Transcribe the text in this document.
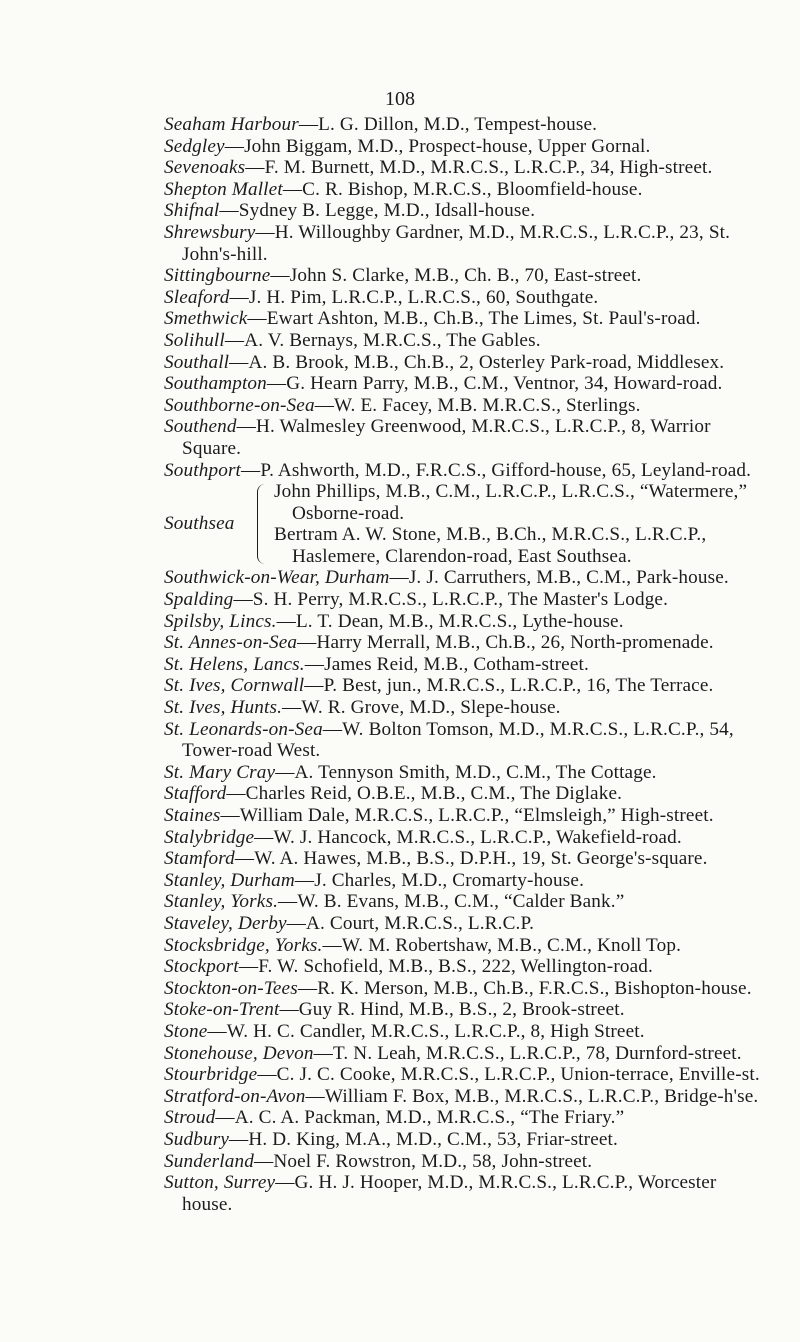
108
Seaham Harbour—L. G. Dillon, M.D., Tempest-house.
Sedgley—John Biggam, M.D., Prospect-house, Upper Gornal.
Sevenoaks—F. M. Burnett, M.D., M.R.C.S., L.R.C.P., 34, High-street.
Shepton Mallet—C. R. Bishop, M.R.C.S., Bloomfield-house.
Shifnal—Sydney B. Legge, M.D., Idsall-house.
Shrewsbury—H. Willoughby Gardner, M.D., M.R.C.S., L.R.C.P., 23, St. John's-hill.
Sittingbourne—John S. Clarke, M.B., Ch. B., 70, East-street.
Sleaford—J. H. Pim, L.R.C.P., L.R.C.S., 60, Southgate.
Smethwick—Ewart Ashton, M.B., Ch.B., The Limes, St. Paul's-road.
Solihull—A. V. Bernays, M.R.C.S., The Gables.
Southall—A. B. Brook, M.B., Ch.B., 2, Osterley Park-road, Middlesex.
Southampton—G. Hearn Parry, M.B., C.M., Ventnor, 34, Howard-road.
Southborne-on-Sea—W. E. Facey, M.B. M.R.C.S., Sterlings.
Southend—H. Walmesley Greenwood, M.R.C.S., L.R.C.P., 8, Warrior Square.
Southport—P. Ashworth, M.D., F.R.C.S., Gifford-house, 65, Leyland-road.
Southsea
John Phillips, M.B., C.M., L.R.C.P., L.R.C.S., “Watermere,” Osborne-road.
Bertram A. W. Stone, M.B., B.Ch., M.R.C.S., L.R.C.P., Haslemere, Clarendon-road, East Southsea.
Southwick-on-Wear, Durham—J. J. Carruthers, M.B., C.M., Park-house.
Spalding—S. H. Perry, M.R.C.S., L.R.C.P., The Master's Lodge.
Spilsby, Lincs.—L. T. Dean, M.B., M.R.C.S., Lythe-house.
St. Annes-on-Sea—Harry Merrall, M.B., Ch.B., 26, North-promenade.
St. Helens, Lancs.—James Reid, M.B., Cotham-street.
St. Ives, Cornwall—P. Best, jun., M.R.C.S., L.R.C.P., 16, The Terrace.
St. Ives, Hunts.—W. R. Grove, M.D., Slepe-house.
St. Leonards-on-Sea—W. Bolton Tomson, M.D., M.R.C.S., L.R.C.P., 54, Tower-road West.
St. Mary Cray—A. Tennyson Smith, M.D., C.M., The Cottage.
Stafford—Charles Reid, O.B.E., M.B., C.M., The Diglake.
Staines—William Dale, M.R.C.S., L.R.C.P., “Elmsleigh,” High-street.
Stalybridge—W. J. Hancock, M.R.C.S., L.R.C.P., Wakefield-road.
Stamford—W. A. Hawes, M.B., B.S., D.P.H., 19, St. George's-square.
Stanley, Durham—J. Charles, M.D., Cromarty-house.
Stanley, Yorks.—W. B. Evans, M.B., C.M., “Calder Bank.”
Staveley, Derby—A. Court, M.R.C.S., L.R.C.P.
Stocksbridge, Yorks.—W. M. Robertshaw, M.B., C.M., Knoll Top.
Stockport—F. W. Schofield, M.B., B.S., 222, Wellington-road.
Stockton-on-Tees—R. K. Merson, M.B., Ch.B., F.R.C.S., Bishopton-house.
Stoke-on-Trent—Guy R. Hind, M.B., B.S., 2, Brook-street.
Stone—W. H. C. Candler, M.R.C.S., L.R.C.P., 8, High Street.
Stonehouse, Devon—T. N. Leah, M.R.C.S., L.R.C.P., 78, Durnford-street.
Stourbridge—C. J. C. Cooke, M.R.C.S., L.R.C.P., Union-terrace, Enville-st.
Stratford-on-Avon—William F. Box, M.B., M.R.C.S., L.R.C.P., Bridge-h'se.
Stroud—A. C. A. Packman, M.D., M.R.C.S., “The Friary.”
Sudbury—H. D. King, M.A., M.D., C.M., 53, Friar-street.
Sunderland—Noel F. Rowstron, M.D., 58, John-street.
Sutton, Surrey—G. H. J. Hooper, M.D., M.R.C.S., L.R.C.P., Worcester house.
